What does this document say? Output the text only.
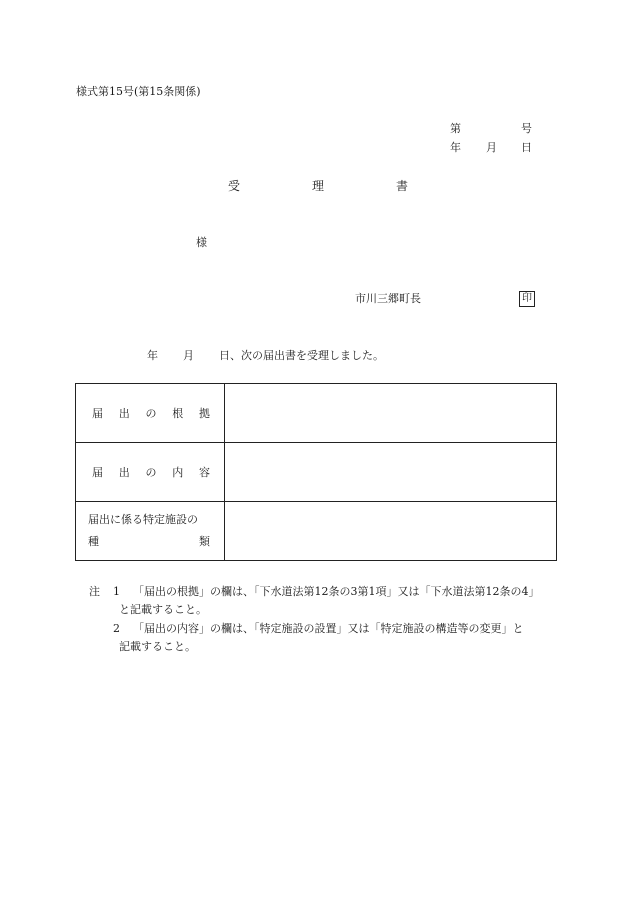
様式第15号(第15条関係)
第	号
年 月 日
受	理	書
様
市川三郷町長	印
年 月 日、次の届出書を受理しました。
届 出 の 根 拠	

届 出 の 内 容	

届出に係る特定施設の
種 類	

注 1 「届出の根拠」の欄は、「下水道法第12条の3第1項」又は「下水道法第12条の4」
と記載すること。
2 「届出の内容」の欄は、「特定施設の設置」又は「特定施設の構造等の変更」と
記載すること。
